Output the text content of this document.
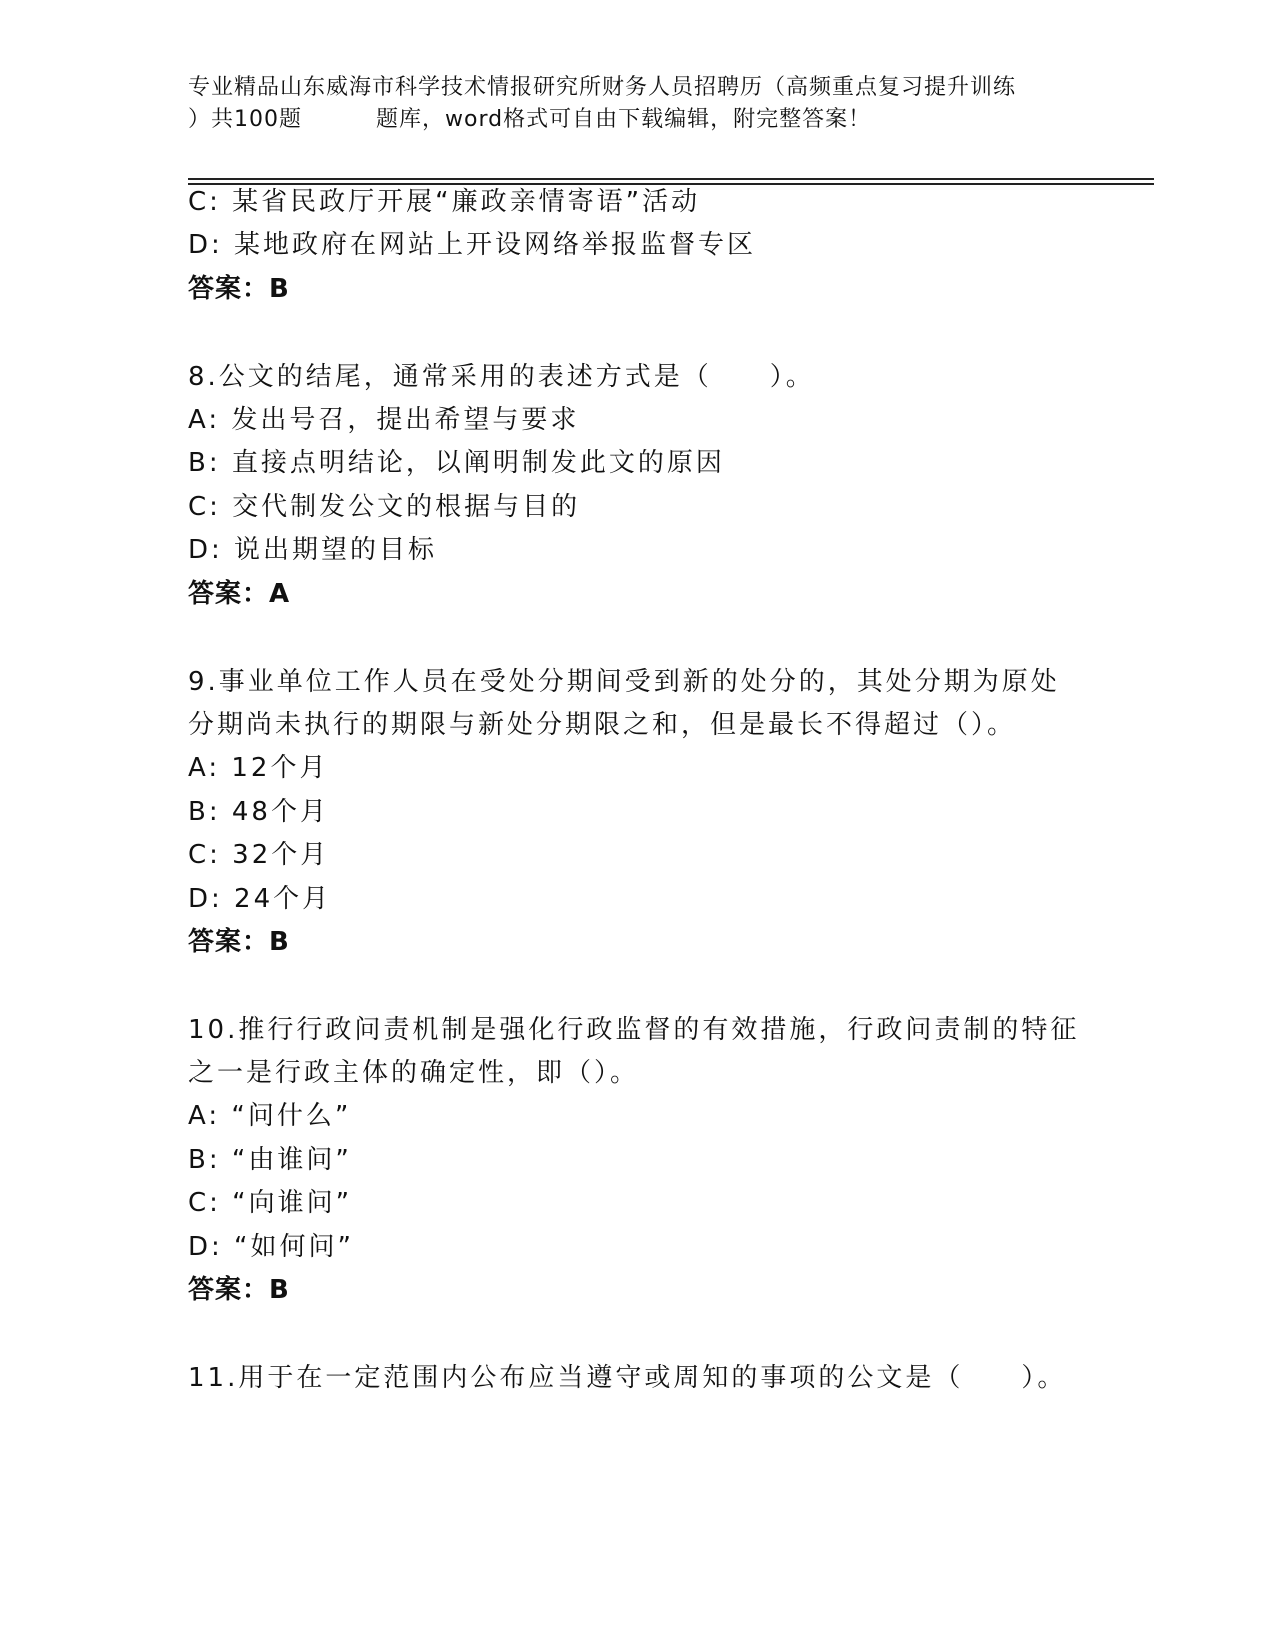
专业精品山东威海市科学技术情报研究所财务人员招聘历（高频重点复习提升训练
）共100题	题库，word格式可自由下载编辑，附完整答案！
C: 某省民政厅开展“廉政亲情寄语”活动
D: 某地政府在网站上开设网络举报监督专区
答案：B
8.公文的结尾，通常采用的表述方式是（　　）。
A: 发出号召，提出希望与要求
B: 直接点明结论，以阐明制发此文的原因
C: 交代制发公文的根据与目的
D: 说出期望的目标
答案：A
9.事业单位工作人员在受处分期间受到新的处分的，其处分期为原处
分期尚未执行的期限与新处分期限之和，但是最长不得超过（）。
A: 12个月
B: 48个月
C: 32个月
D: 24个月
答案：B
10.推行行政问责机制是强化行政监督的有效措施，行政问责制的特征
之一是行政主体的确定性，即（）。
A: “问什么”
B: “由谁问”
C: “向谁问”
D: “如何问”
答案：B
11.用于在一定范围内公布应当遵守或周知的事项的公文是（　　）。
